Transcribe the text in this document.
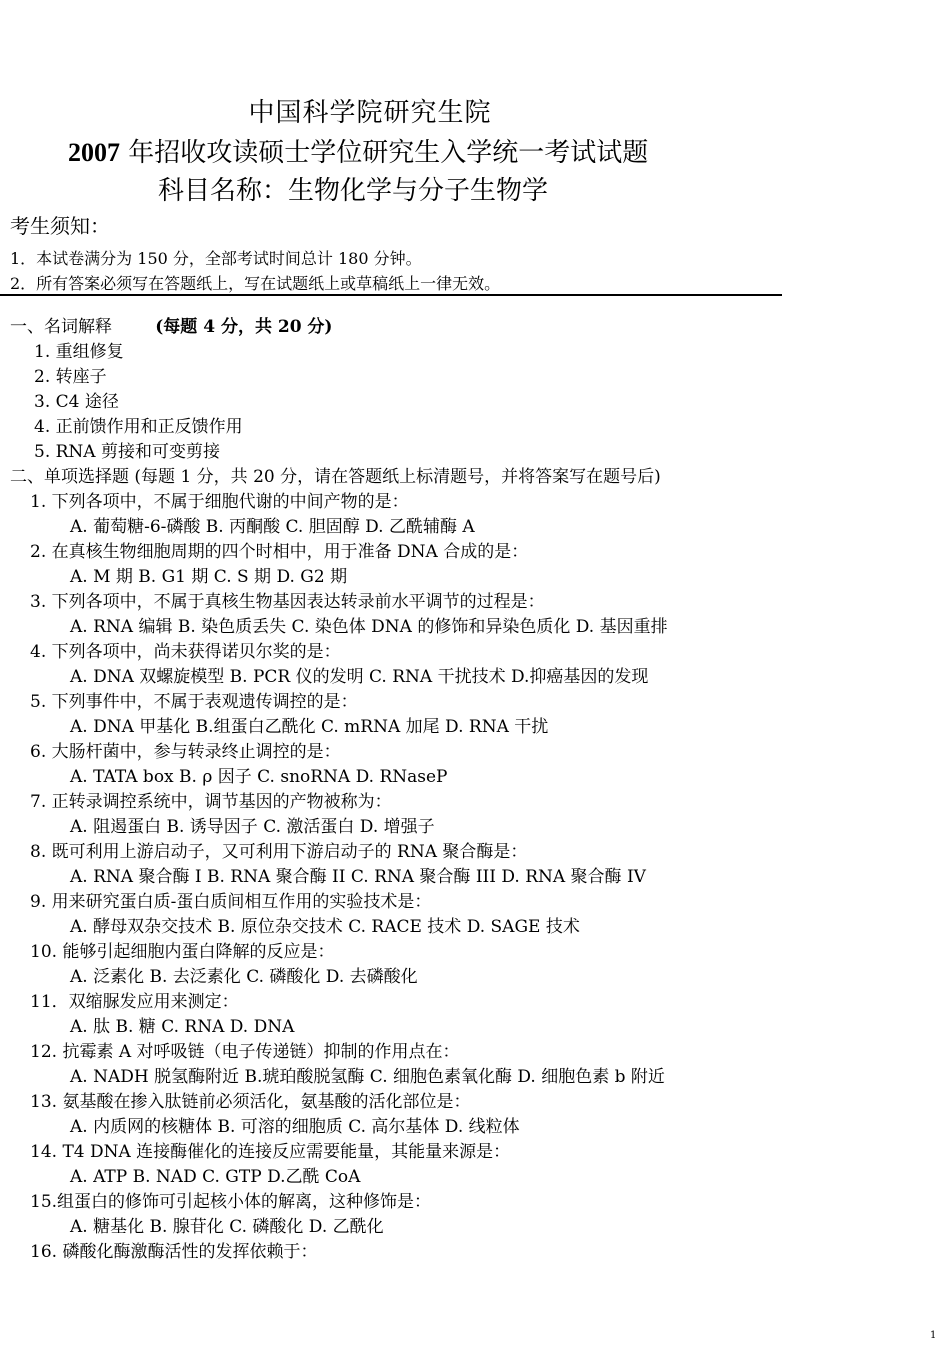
中国科学院研究生院
2007 年招收攻读硕士学位研究生入学统一考试试题
科目名称：生物化学与分子生物学
考生须知：
1．本试卷满分为 150 分，全部考试时间总计 180 分钟。
2．所有答案必须写在答题纸上，写在试题纸上或草稿纸上一律无效。
一、名词解释	(每题 4 分，共 20 分)
1. 重组修复
2. 转座子
3. C4 途径
4. 正前馈作用和正反馈作用
5. RNA 剪接和可变剪接
二、单项选择题 (每题 1 分，共 20 分，请在答题纸上标清题号，并将答案写在题号后)
1. 下列各项中，不属于细胞代谢的中间产物的是：
A. 葡萄糖-6-磷酸 B. 丙酮酸 C. 胆固醇 D. 乙酰辅酶 A
2. 在真核生物细胞周期的四个时相中，用于准备 DNA 合成的是：
A. M 期 B. G1 期 C. S 期 D. G2 期
3. 下列各项中，不属于真核生物基因表达转录前水平调节的过程是：
A. RNA 编辑 B. 染色质丢失 C. 染色体 DNA 的修饰和异染色质化 D. 基因重排
4. 下列各项中，尚未获得诺贝尔奖的是：
A. DNA 双螺旋模型 B. PCR 仪的发明 C. RNA 干扰技术 D.抑癌基因的发现
5. 下列事件中，不属于表观遗传调控的是：
A. DNA 甲基化 B.组蛋白乙酰化 C. mRNA 加尾 D. RNA 干扰
6. 大肠杆菌中，参与转录终止调控的是：
A. TATA box B. ρ 因子 C. snoRNA D. RNaseP
7. 正转录调控系统中，调节基因的产物被称为：
A. 阻遏蛋白 B. 诱导因子 C. 激活蛋白 D. 增强子
8. 既可利用上游启动子，又可利用下游启动子的 RNA 聚合酶是：
A. RNA 聚合酶 I B. RNA 聚合酶 II C. RNA 聚合酶 III D. RNA 聚合酶 IV
9. 用来研究蛋白质-蛋白质间相互作用的实验技术是：
A. 酵母双杂交技术 B. 原位杂交技术 C. RACE 技术 D. SAGE 技术
10. 能够引起细胞内蛋白降解的反应是：
A. 泛素化 B. 去泛素化 C. 磷酸化 D. 去磷酸化
11．双缩脲发应用来测定：
A. 肽 B. 糖 C. RNA D. DNA
12. 抗霉素 A 对呼吸链（电子传递链）抑制的作用点在：
A. NADH 脱氢酶附近 B.琥珀酸脱氢酶 C. 细胞色素氧化酶 D. 细胞色素 b 附近
13. 氨基酸在掺入肽链前必须活化，氨基酸的活化部位是：
A. 内质网的核糖体 B. 可溶的细胞质 C. 高尔基体 D. 线粒体
14. T4 DNA 连接酶催化的连接反应需要能量，其能量来源是：
A. ATP B. NAD C. GTP D.乙酰 CoA
15.组蛋白的修饰可引起核小体的解离，这种修饰是：
A. 糖基化 B. 腺苷化 C. 磷酸化 D. 乙酰化
16. 磷酸化酶激酶活性的发挥依赖于：
1
